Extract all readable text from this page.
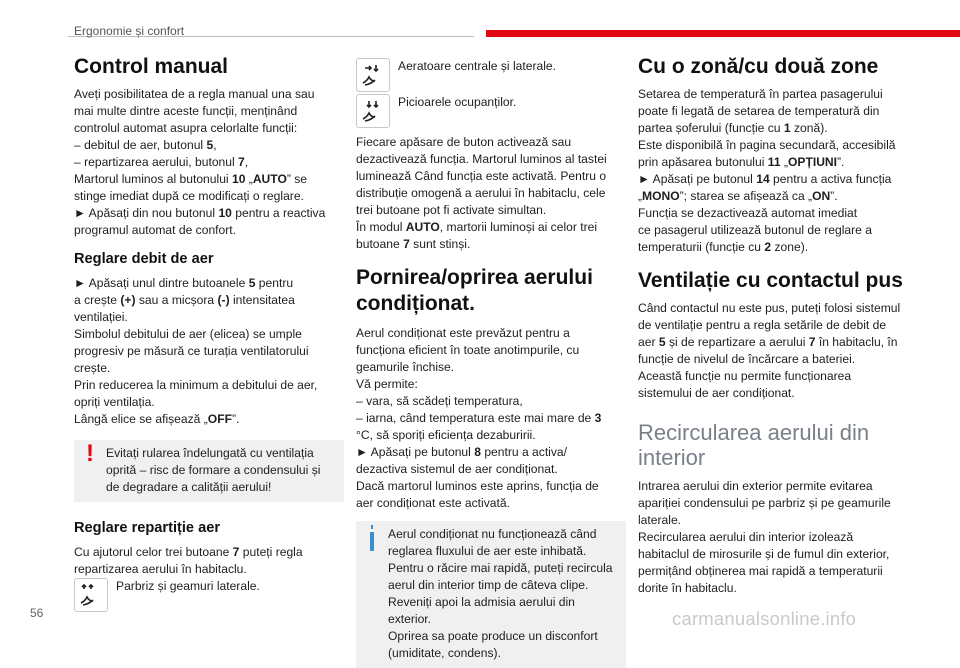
Ergonomie și confort
Control manual

Aveți posibilitatea de a regla manual una sau

mai multe dintre aceste funcții, menținând

controlul automat asupra celorlalte funcții:

– debitul de aer, butonul 5,

– repartizarea aerului, butonul 7,

Martorul luminos al butonului 10 „AUTO” se

stinge imediat după ce modificați o reglare.

► Apăsați din nou butonul 10 pentru a reactiva

programul automat de confort.

Reglare debit de aer

► Apăsați unul dintre butoanele 5 pentru

a crește (+) sau a micșora (-) intensitatea

ventilației.

Simbolul debitului de aer (elicea) se umple

progresiv pe măsură ce turația ventilatorului

crește.

Prin reducerea la minimum a debitului de aer,

opriți ventilația.

Lângă elice se afișează „OFF”.

! Evitați rularea îndelungată cu ventilația

oprită – risc de formare a condensului și

de degradare a calității aerului!

Reglare repartiție aer

Cu ajutorul celor trei butoane 7 puteți regla

repartizarea aerului în habitaclu.

Parbriz și geamuri laterale.
Aeratoare centrale și laterale.
Picioarele ocupanților.

Fiecare apăsare de buton activează sau

dezactivează funcția. Martorul luminos al tastei

luminează Când funcția este activată. Pentru o

distribuție omogenă a aerului în habitaclu, cele

trei butoane pot fi activate simultan.

În modul AUTO, martorii luminoși ai celor trei

butoane 7 sunt stinși.

Pornirea/oprirea aerului condiționat.

Aerul condiționat este prevăzut pentru a

funcționa eficient în toate anotimpurile, cu

geamurile închise.

Vă permite:

– vara, să scădeți temperatura,

– iarna, când temperatura este mai mare de 3

°C, să sporiți eficiența dezaburirii.

► Apăsați pe butonul 8 pentru a activa/

dezactiva sistemul de aer condiționat.

Dacă martorul luminos este aprins, funcția de

aer condiționat este activată.

Aerul condiționat nu funcționează când

reglarea fluxului de aer este inhibată.

Pentru o răcire mai rapidă, puteți recircula

aerul din interior timp de câteva clipe.

Reveniți apoi la admisia aerului din exterior.

Oprirea sa poate produce un disconfort

(umiditate, condens).

Cu o zonă/cu două zone

Setarea de temperatură în partea pasagerului

poate fi legată de setarea de temperatură din

partea șoferului (funcție cu 1 zonă).

Este disponibilă în pagina secundară, accesibilă

prin apăsarea butonului 11 „OPȚIUNI”.

► Apăsați pe butonul 14 pentru a activa funcția

„MONO”; starea se afișează ca „ON”.

Funcția se dezactivează automat imediat

ce pasagerul utilizează butonul de reglare a

temperaturii (funcție cu 2 zone).

Ventilație cu contactul pus

Când contactul nu este pus, puteți folosi sistemul

de ventilație pentru a regla setările de debit de

aer 5 și de repartizare a aerului 7 în habitaclu, în

funcție de nivelul de încărcare a bateriei.

Această funcție nu permite funcționarea

sistemului de aer condiționat.

Recircularea aerului din interior

Intrarea aerului din exterior permite evitarea

apariției condensului pe parbriz și pe geamurile

laterale.

Recircularea aerului din interior izolează

habitaclul de mirosurile și de fumul din exterior,

permițând obținerea mai rapidă a temperaturii

dorite în habitaclu.

56	carmanualsonline.info
